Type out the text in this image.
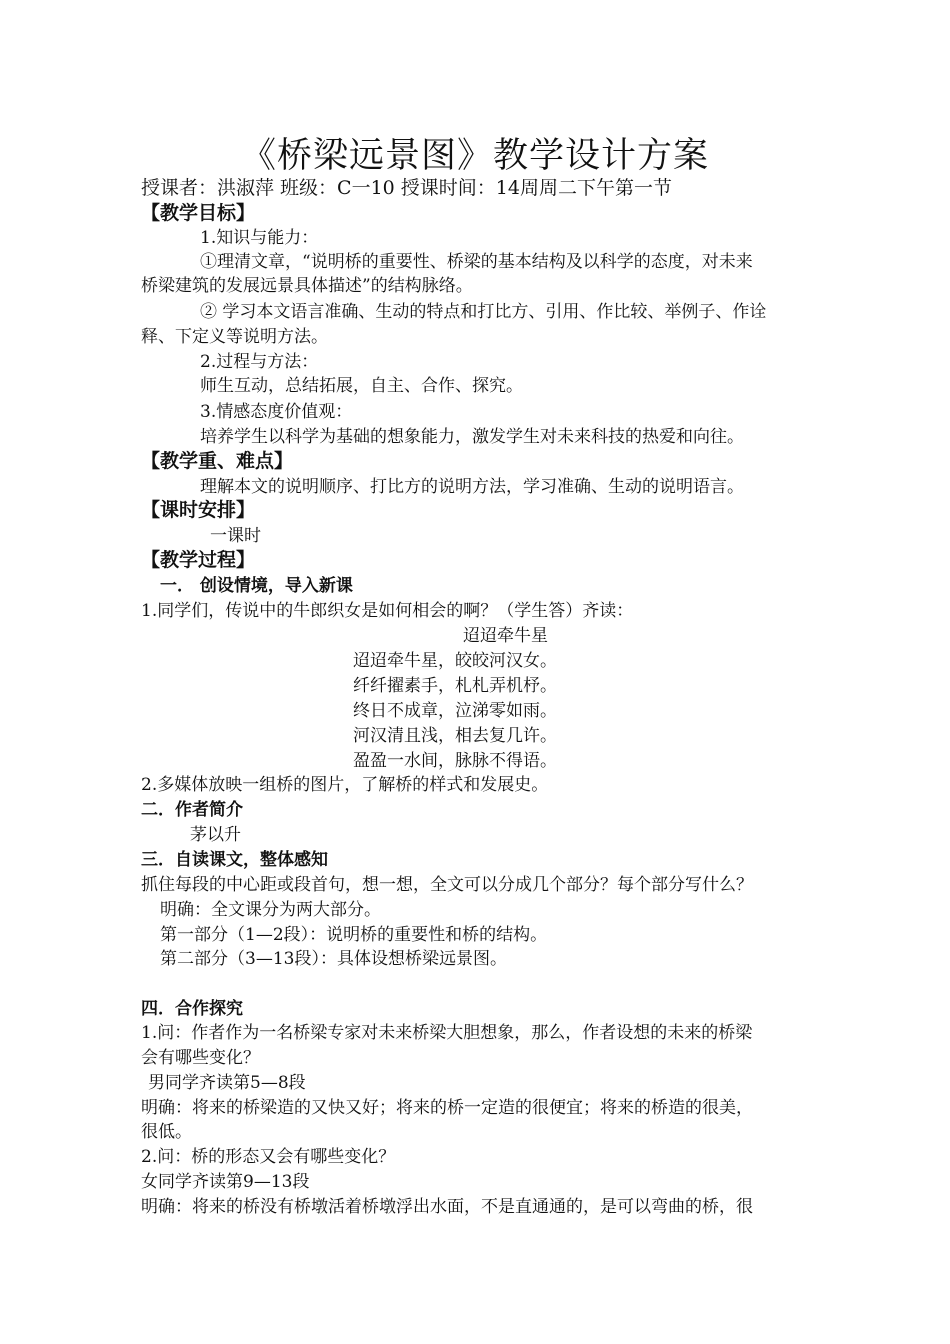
《桥梁远景图》教学设计方案
授课者：洪淑萍 班级：C一10 授课时间：14周周二下午第一节
【教学目标】
1.知识与能力：
①理清文章，“说明桥的重要性、桥梁的基本结构及以科学的态度，对未来
桥梁建筑的发展远景具体描述”的结构脉络。
② 学习本文语言准确、生动的特点和打比方、引用、作比较、举例子、作诠
释、下定义等说明方法。
2.过程与方法：
师生互动，总结拓展，自主、合作、探究。
3.情感态度价值观：
培养学生以科学为基础的想象能力，激发学生对未来科技的热爱和向往。
【教学重、难点】
理解本文的说明顺序、打比方的说明方法，学习准确、生动的说明语言。
【课时安排】
一课时
【教学过程】
一． 创设情境，导入新课
1.同学们，传说中的牛郎织女是如何相会的啊？（学生答）齐读：
迢迢牵牛星
迢迢牵牛星，皎皎河汉女。
纤纤擢素手，札札弄机杼。
终日不成章，泣涕零如雨。
河汉清且浅，相去复几许。
盈盈一水间，脉脉不得语。
2.多媒体放映一组桥的图片，了解桥的样式和发展史。
二．作者简介
茅以升
三．自读课文，整体感知
抓住每段的中心距或段首句，想一想，全文可以分成几个部分？每个部分写什么？
明确：全文课分为两大部分。
第一部分（1—2段）：说明桥的重要性和桥的结构。
第二部分（3—13段）：具体设想桥梁远景图。
四．合作探究
1.问：作者作为一名桥梁专家对未来桥梁大胆想象，那么，作者设想的未来的桥梁
会有哪些变化？
男同学齐读第5—8段
明确：将来的桥梁造的又快又好；将来的桥一定造的很便宜；将来的桥造的很美，
很低。
2.问：桥的形态又会有哪些变化？
女同学齐读第9—13段
明确：将来的桥没有桥墩活着桥墩浮出水面，不是直通通的，是可以弯曲的桥，很
